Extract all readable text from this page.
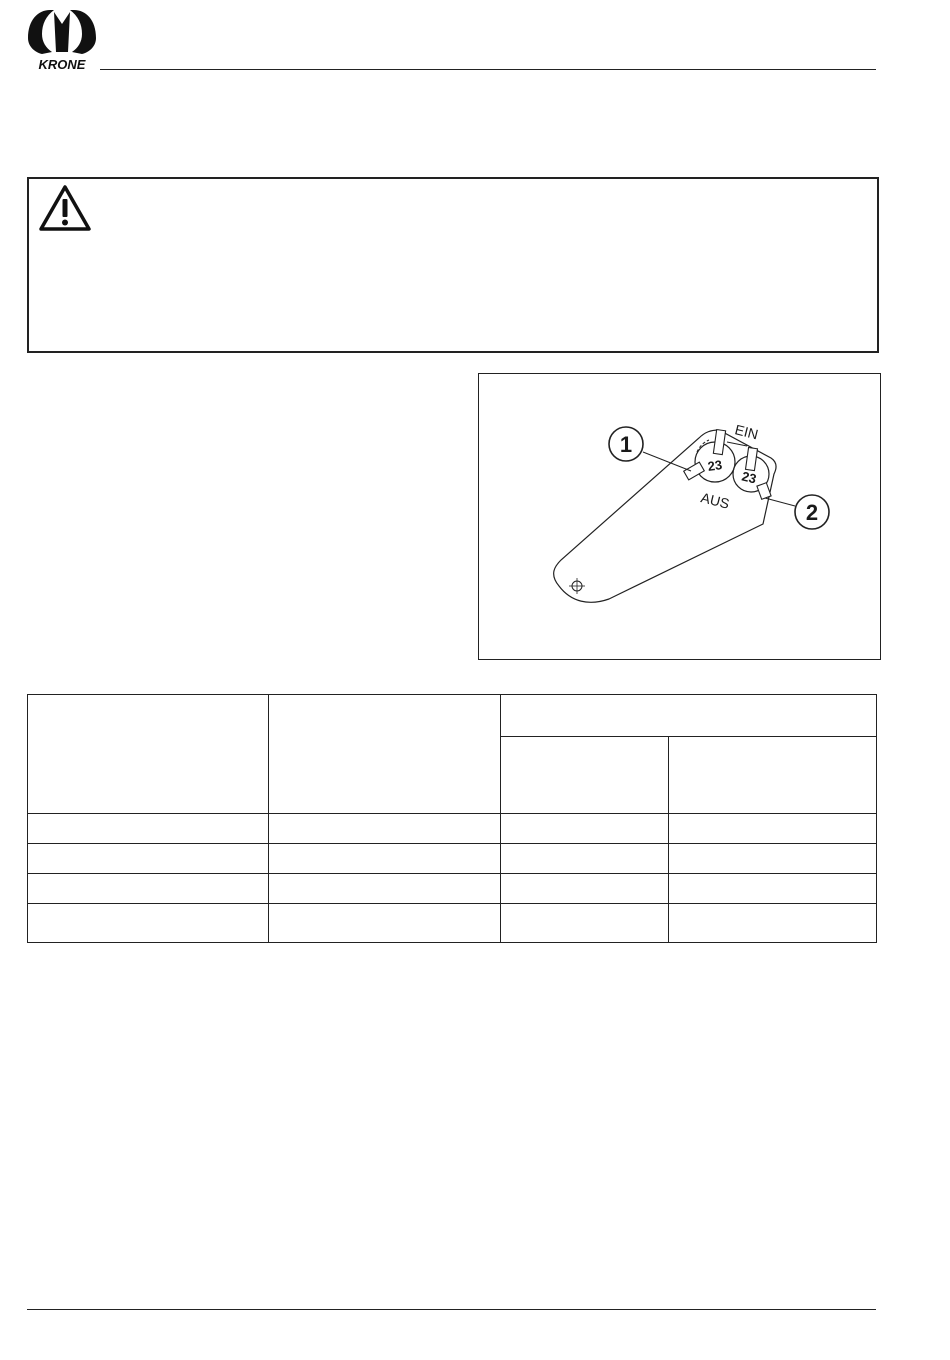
KRONE
23
23
EIN
AUS
1
2
